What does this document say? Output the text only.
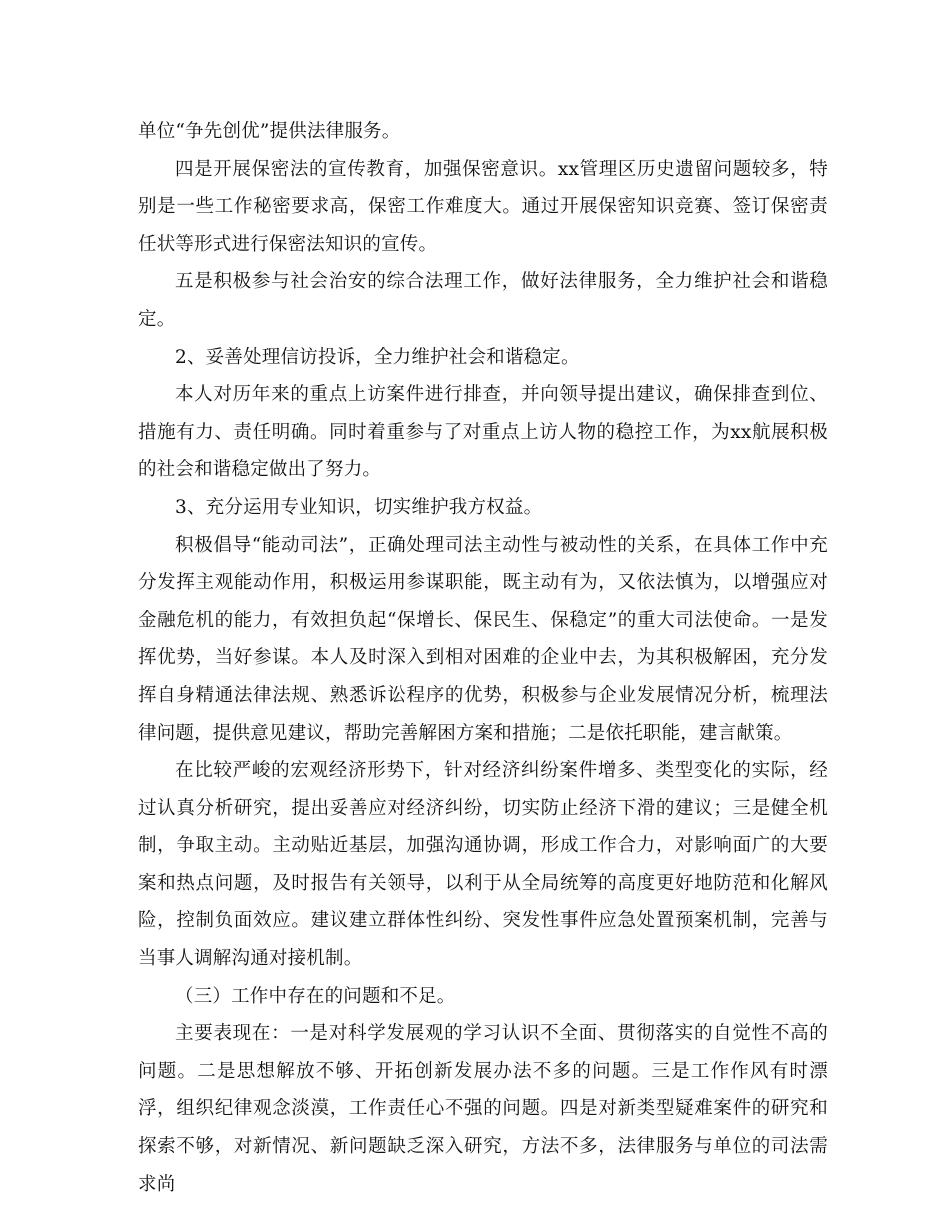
单位“争先创优”提供法律服务。

四是开展保密法的宣传教育，加强保密意识。xx管理区历史遗留问题较多，特别是一些工作秘密要求高，保密工作难度大。通过开展保密知识竞赛、签订保密责任状等形式进行保密法知识的宣传。

五是积极参与社会治安的综合法理工作，做好法律服务，全力维护社会和谐稳定。

2、妥善处理信访投诉，全力维护社会和谐稳定。

本人对历年来的重点上访案件进行排查，并向领导提出建议，确保排查到位、措施有力、责任明确。同时着重参与了对重点上访人物的稳控工作，为xx航展积极的社会和谐稳定做出了努力。

3、充分运用专业知识，切实维护我方权益。

积极倡导“能动司法”，正确处理司法主动性与被动性的关系，在具体工作中充分发挥主观能动作用，积极运用参谋职能，既主动有为，又依法慎为，以增强应对金融危机的能力，有效担负起“保增长、保民生、保稳定”的重大司法使命。一是发挥优势，当好参谋。本人及时深入到相对困难的企业中去，为其积极解困，充分发挥自身精通法律法规、熟悉诉讼程序的优势，积极参与企业发展情况分析，梳理法律问题，提供意见建议，帮助完善解困方案和措施；二是依托职能，建言献策。

在比较严峻的宏观经济形势下，针对经济纠纷案件增多、类型变化的实际，经过认真分析研究，提出妥善应对经济纠纷，切实防止经济下滑的建议；三是健全机制，争取主动。主动贴近基层，加强沟通协调，形成工作合力，对影响面广的大要案和热点问题，及时报告有关领导，以利于从全局统筹的高度更好地防范和化解风险，控制负面效应。建议建立群体性纠纷、突发性事件应急处置预案机制，完善与当事人调解沟通对接机制。

（三）工作中存在的问题和不足。

主要表现在：一是对科学发展观的学习认识不全面、贯彻落实的自觉性不高的问题。二是思想解放不够、开拓创新发展办法不多的问题。三是工作作风有时漂浮，组织纪律观念淡漠，工作责任心不强的问题。四是对新类型疑难案件的研究和探索不够，对新情况、新问题缺乏深入研究，方法不多，法律服务与单位的司法需求尚
